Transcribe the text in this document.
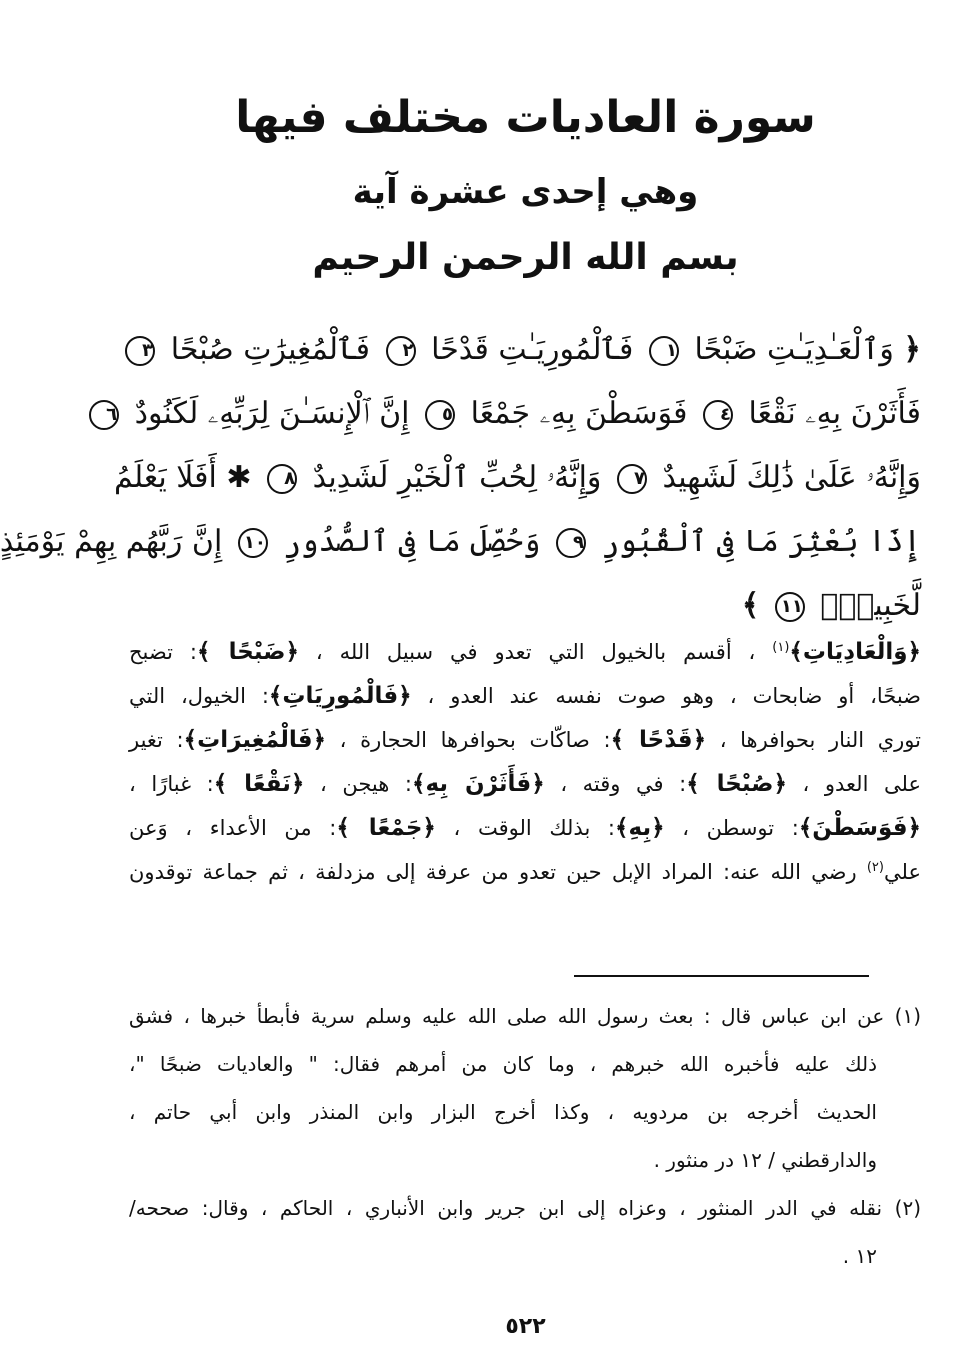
سورة العاديات مختلف فيها
وهي إحدى عشرة آية
بسم الله الرحمن الرحيم
﴿ وَٱلْعَـٰدِيَـٰتِ ضَبْحًا ١ فَٱلْمُورِيَـٰتِ قَدْحًا ٢ فَٱلْمُغِيرَٰتِ صُبْحًا ٣
فَأَثَرْنَ بِهِۦ نَقْعًا ٤ فَوَسَطْنَ بِهِۦ جَمْعًا ٥ إِنَّ ٱلْإِنسَـٰنَ لِرَبِّهِۦ لَكَنُودٌ ٦
وَإِنَّهُۥ عَلَىٰ ذَٰلِكَ لَشَهِيدٌ ٧ وَإِنَّهُۥ لِحُبِّ ٱلْخَيْرِ لَشَدِيدٌ ٨ ✱ أَفَلَا يَعْلَمُ
إِذَا بُعْثِرَ مَا فِى ٱلْقُبُورِ ٩ وَحُصِّلَ مَا فِى ٱلصُّدُورِ ١٠ إِنَّ رَبَّهُم بِهِمْ يَوْمَئِذٍ
لَّخَبِيرٌۢ ١١ ﴾
﴿وَالْعَادِيَاتِ﴾$^{(١)}$ ، أقسم بالخيول التي تعدو في سبيل الله ، ﴿ضَبْحًا ﴾: تضبح
ضبحًا، أو ضابحات ، وهو صوت نفسه عند العدو ، ﴿فَالْمُورِيَاتِ﴾: الخيول، التي
توري النار بحوافرها ، ﴿قَدْحًا ﴾: صاكّات بحوافرها الحجارة ، ﴿فَالْمُغِيرَاتِ﴾: تغير
على العدو ، ﴿صُبْحًا ﴾: في وقته ، ﴿فَأَثَرْنَ بِهِ﴾: هيجن ، ﴿نَقْعًا ﴾: غبارًا ،
﴿فَوَسَطْنَ﴾: توسطن ، ﴿بِهِ﴾: بذلك الوقت ، ﴿جَمْعًا ﴾: من الأعداء ، وَعن
علي$^{(٢)}$ رضي الله عنه: المراد الإبل حين تعدو من عرفة إلى مزدلفة ، ثم جماعة توقدون
(١) عن ابن عباس قال : بعث رسول الله صلى الله عليه وسلم سرية فأبطأ خبرها ، فشق
ذلك عليه فأخبره الله خبرهم ، وما كان من أمرهم فقال: " والعاديات ضبحًا "،
الحديث أخرجه بن مردويه ، وكذا أخرج البزار وابن المنذر وابن أبي حاتم ،
والدارقطني / ١٢ در منثور .
(٢) نقله في الدر المنثور ، وعزاه إلى ابن جرير وابن الأنباري ، الحاكم ، وقال: صححه/
١٢ .
٥٢٢
